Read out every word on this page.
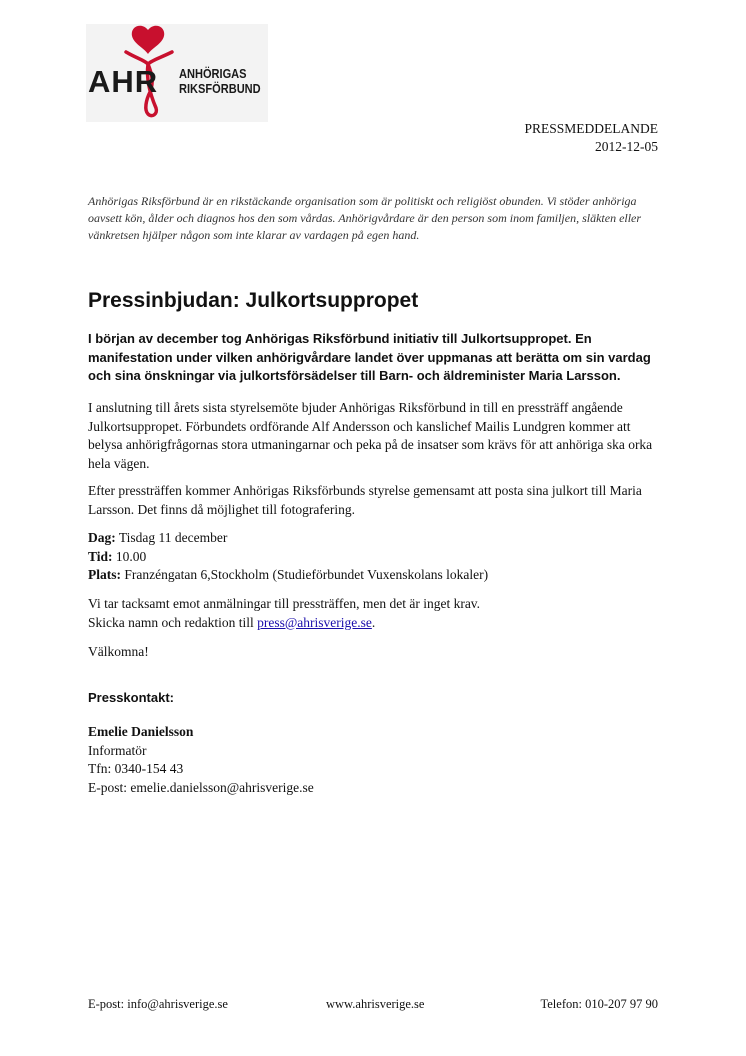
AHR ANHÖRIGAS
RIKSFÖRBUND
PRESSMEDDELANDE
2012-12-05
Anhörigas Riksförbund är en rikstäckande organisation som är politiskt och religiöst obunden. Vi stöder anhöriga oavsett kön, ålder och diagnos hos den som vårdas. Anhörigvårdare är den person som inom familjen, släkten eller vänkretsen hjälper någon som inte klarar av vardagen på egen hand.
Pressinbjudan: Julkortsuppropet

I början av december tog Anhörigas Riksförbund initiativ till Julkortsuppropet. En manifestation under vilken anhörigvårdare landet över uppmanas att berätta om sin vardag och sina önskningar via julkortsförsädelser till Barn- och äldreminister Maria Larsson.

I anslutning till årets sista styrelsemöte bjuder Anhörigas Riksförbund in till en pressträff angående Julkortsuppropet. Förbundets ordförande Alf Andersson och kanslichef Mailis Lundgren kommer att belysa anhörigfrågornas stora utmaningarnar och peka på de insatser som krävs för att anhöriga ska orka hela vägen.

Efter pressträffen kommer Anhörigas Riksförbunds styrelse gemensamt att posta sina julkort till Maria Larsson. Det finns då möjlighet till fotografering.

Dag: Tisdag 11 december
Tid: 10.00
Plats: Franzéngatan 6,Stockholm (Studieförbundet Vuxenskolans lokaler)
Vi tar tacksamt emot anmälningar till pressträffen, men det är inget krav.
Skicka namn och redaktion till press@ahrisverige.se.

Välkomna!

Presskontakt:

Emelie Danielsson
Informatör
Tfn: 0340-154 43
E-post: emelie.danielsson@ahrisverige.se
E-post: info@ahrisverige.se	www.ahrisverige.se	Telefon: 010-207 97 90
